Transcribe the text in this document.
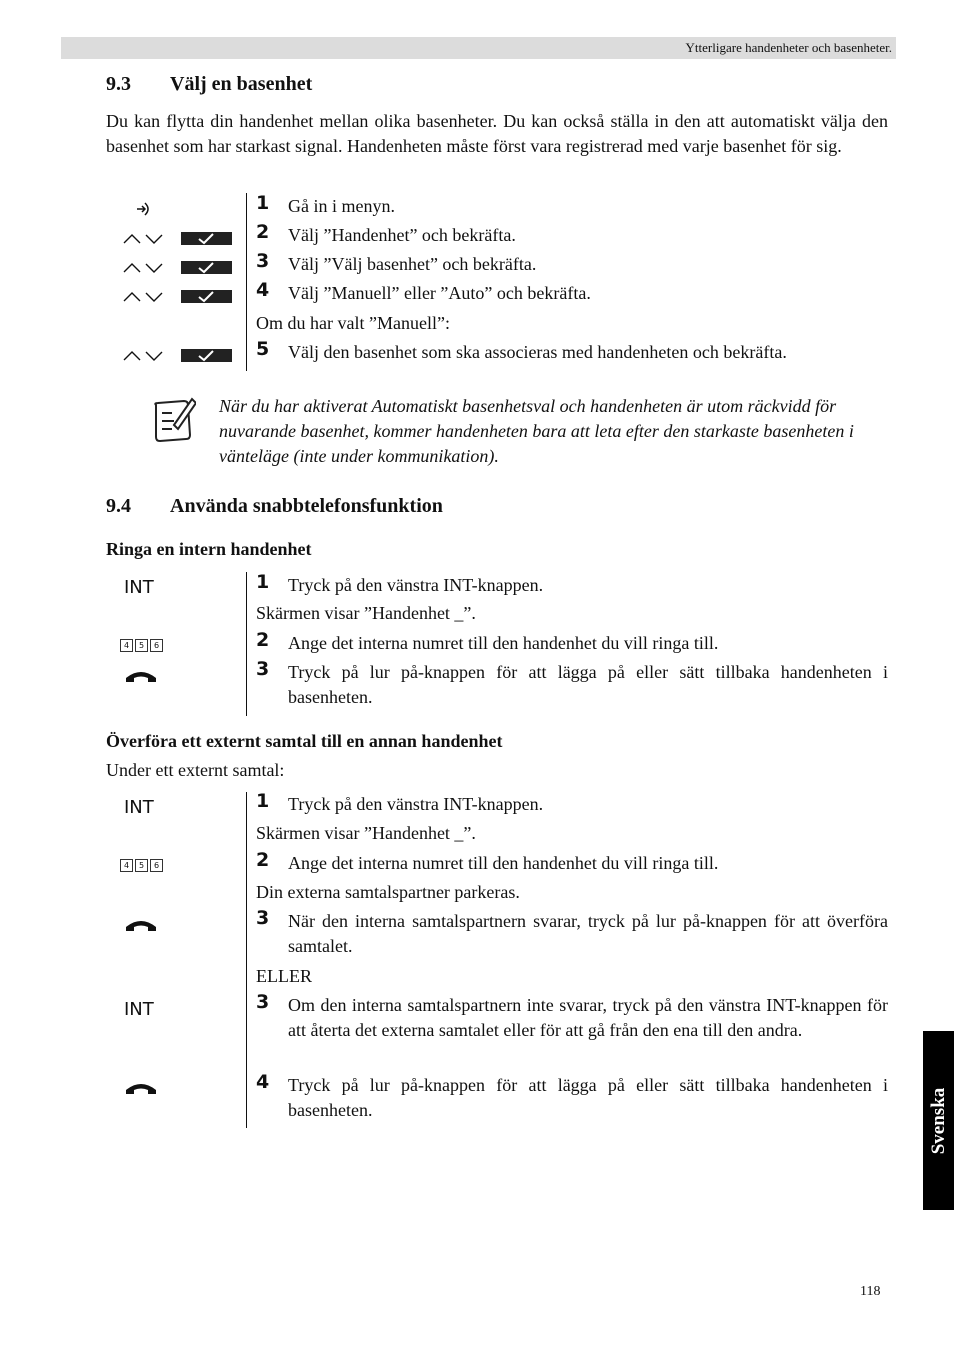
Ytterligare handenheter och basenheter.
9.3 Välj en basenhet
Du kan flytta din handenhet mellan olika basenheter. Du kan också ställa in den att automatiskt välja den basenhet som har starkast signal. Handenheten måste först vara registrerad med varje basenhet för sig.
1 Gå in i menyn.
2 Välj ”Handenhet” och bekräfta.
3 Välj ”Välj basenhet” och bekräfta.
4 Välj ”Manuell” eller ”Auto” och bekräfta.
Om du har valt ”Manuell”:
5 Välj den basenhet som ska associeras med handenheten och bekräfta.
När du har aktiverat Automatiskt basenhetsval och handenheten är utom räckvidd för nuvarande basenhet, kommer handenheten bara att leta efter den starkaste basenheten i vänteläge (inte under kommunikation).
9.4 Använda snabbtelefonsfunktion
Ringa en intern handenhet
INT
4 5 6
1 Tryck på den vänstra INT-knappen.
Skärmen visar ”Handenhet _”.
2 Ange det interna numret till den handenhet du vill ringa till.
3 Tryck på lur på-knappen för att lägga på eller sätt tillbaka handenheten i basenheten.
Överföra ett externt samtal till en annan handenhet
Under ett externt samtal:
INT
4 5 6
INT
1 Tryck på den vänstra INT-knappen.
Skärmen visar ”Handenhet _”.
2 Ange det interna numret till den handenhet du vill ringa till.
Din externa samtalspartner parkeras.
3 När den interna samtalspartnern svarar, tryck på lur på-knappen för att överföra samtalet.
ELLER
3 Om den interna samtalspartnern inte svarar, tryck på den vänstra INT-knappen för att återta det externa samtalet eller för att gå från den ena till den andra.
4 Tryck på lur på-knappen för att lägga på eller sätt tillbaka handenheten i basenheten.	Svenska
118
